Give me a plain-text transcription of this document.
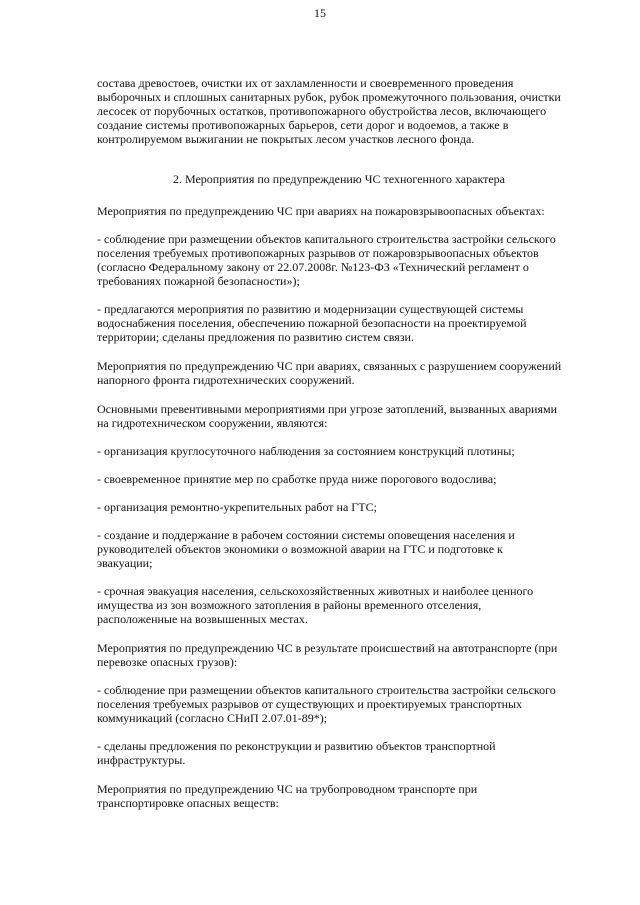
15
состава древостоев, очистки их от захламленности и своевременного проведения
выборочных и сплошных санитарных рубок, рубок промежуточного пользования, очистки
лесосек от порубочных остатков, противопожарного обустройства лесов, включающего
создание системы противопожарных барьеров, сети дорог и водоемов, а также в
контролируемом выжигании не покрытых лесом участков лесного фонда.
2. Мероприятия по предупреждению ЧС техногенного характера
Мероприятия по предупреждению ЧС при авариях на пожаровзрывоопасных объектах:
- соблюдение при размещении объектов капитального строительства застройки сельского
поселения требуемых противопожарных разрывов от пожаровзрывоопасных объектов
(согласно Федеральному закону от 22.07.2008г. №123-ФЗ «Технический регламент о
требованиях пожарной безопасности»);
- предлагаются мероприятия по развитию и модернизации существующей системы
водоснабжения поселения, обеспечению пожарной безопасности на проектируемой
территории; сделаны предложения по развитию систем связи.
Мероприятия по предупреждению ЧС при авариях, связанных с разрушением сооружений
напорного фронта гидротехнических сооружений.
Основными превентивными мероприятиями при угрозе затоплений, вызванных авариями
на гидротехническом сооружении, являются:
- организация круглосуточного наблюдения за состоянием конструкций плотины;
- своевременное принятие мер по сработке пруда ниже порогового водослива;
- организация ремонтно-укрепительных работ на ГТС;
- создание и поддержание в рабочем состоянии системы оповещения населения и
руководителей объектов экономики о возможной аварии на ГТС и подготовке к
эвакуации;
- срочная эвакуация населения, сельскохозяйственных животных и наиболее ценного
имущества из зон возможного затопления в районы временного отселения,
расположенные на возвышенных местах.
Мероприятия по предупреждению ЧС в результате происшествий на автотранспорте (при
перевозке опасных грузов):
- соблюдение при размещении объектов капитального строительства застройки сельского
поселения требуемых разрывов от существующих и проектируемых транспортных
коммуникаций (согласно СНиП 2.07.01-89*);
- сделаны предложения по реконструкции и развитию объектов транспортной
инфраструктуры.
Мероприятия по предупреждению ЧС на трубопроводном транспорте при
транспортировке опасных веществ:
